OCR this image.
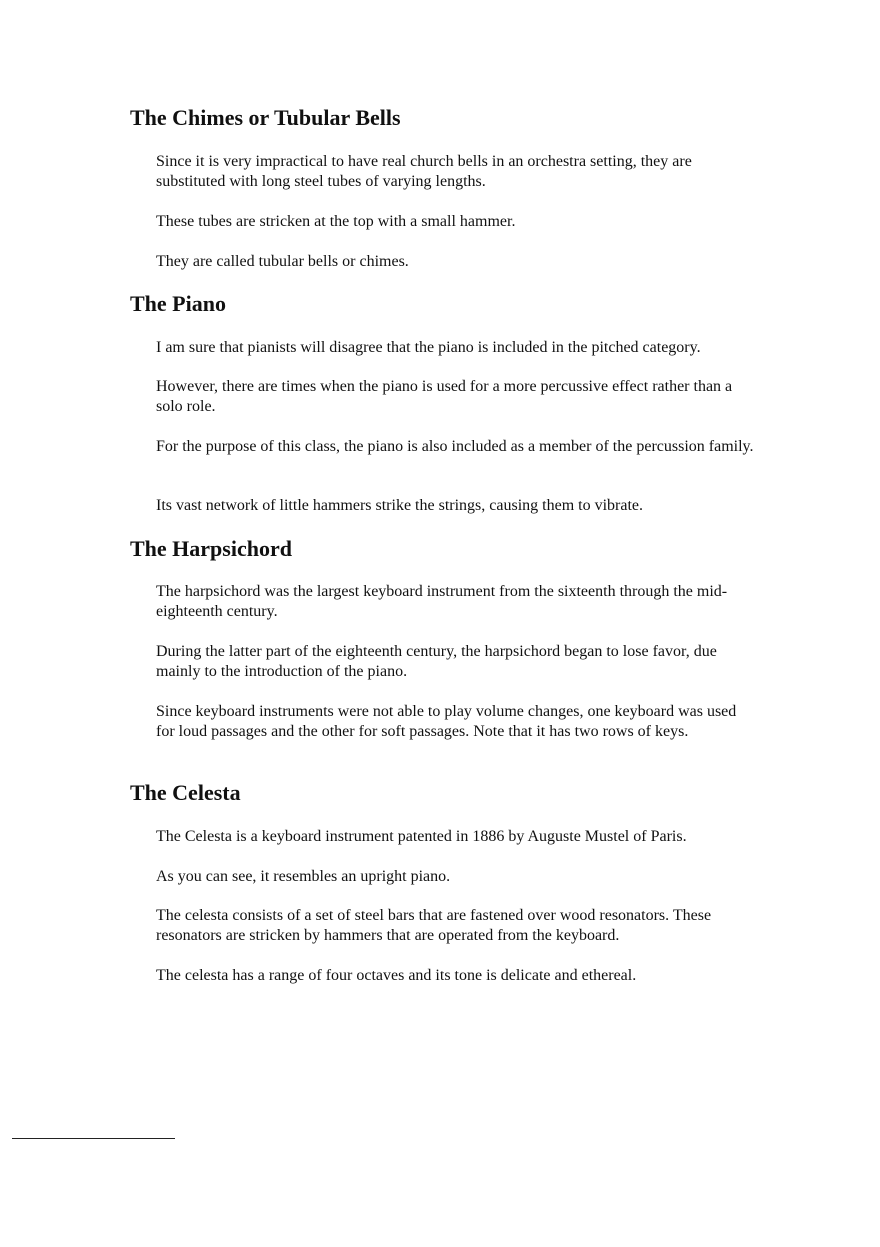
The Chimes or Tubular Bells

Since it is very impractical to have real church bells in an orchestra setting, they are substituted with long steel tubes of varying lengths.

These tubes are stricken at the top with a small hammer.

They are called tubular bells or chimes.

The Piano

I am sure that pianists will disagree that the piano is included in the pitched category.

However, there are times when the piano is used for a more percussive effect rather than a solo role.

For the purpose of this class, the piano is also included as a member of the percussion family.

Its vast network of little hammers strike the strings, causing them to vibrate.

The Harpsichord

The harpsichord was the largest keyboard instrument from the sixteenth through the mid-eighteenth century.

During the latter part of the eighteenth century, the harpsichord began to lose favor, due mainly to the introduction of the piano.

Since keyboard instruments were not able to play volume changes, one keyboard was used for loud passages and the other for soft passages. Note that it has two rows of keys.

The Celesta

The Celesta is a keyboard instrument patented in 1886 by Auguste Mustel of Paris.

As you can see, it resembles an upright piano.

The celesta consists of a set of steel bars that are fastened over wood resonators. These resonators are stricken by hammers that are operated from the keyboard.

The celesta has a range of four octaves and its tone is delicate and ethereal.
